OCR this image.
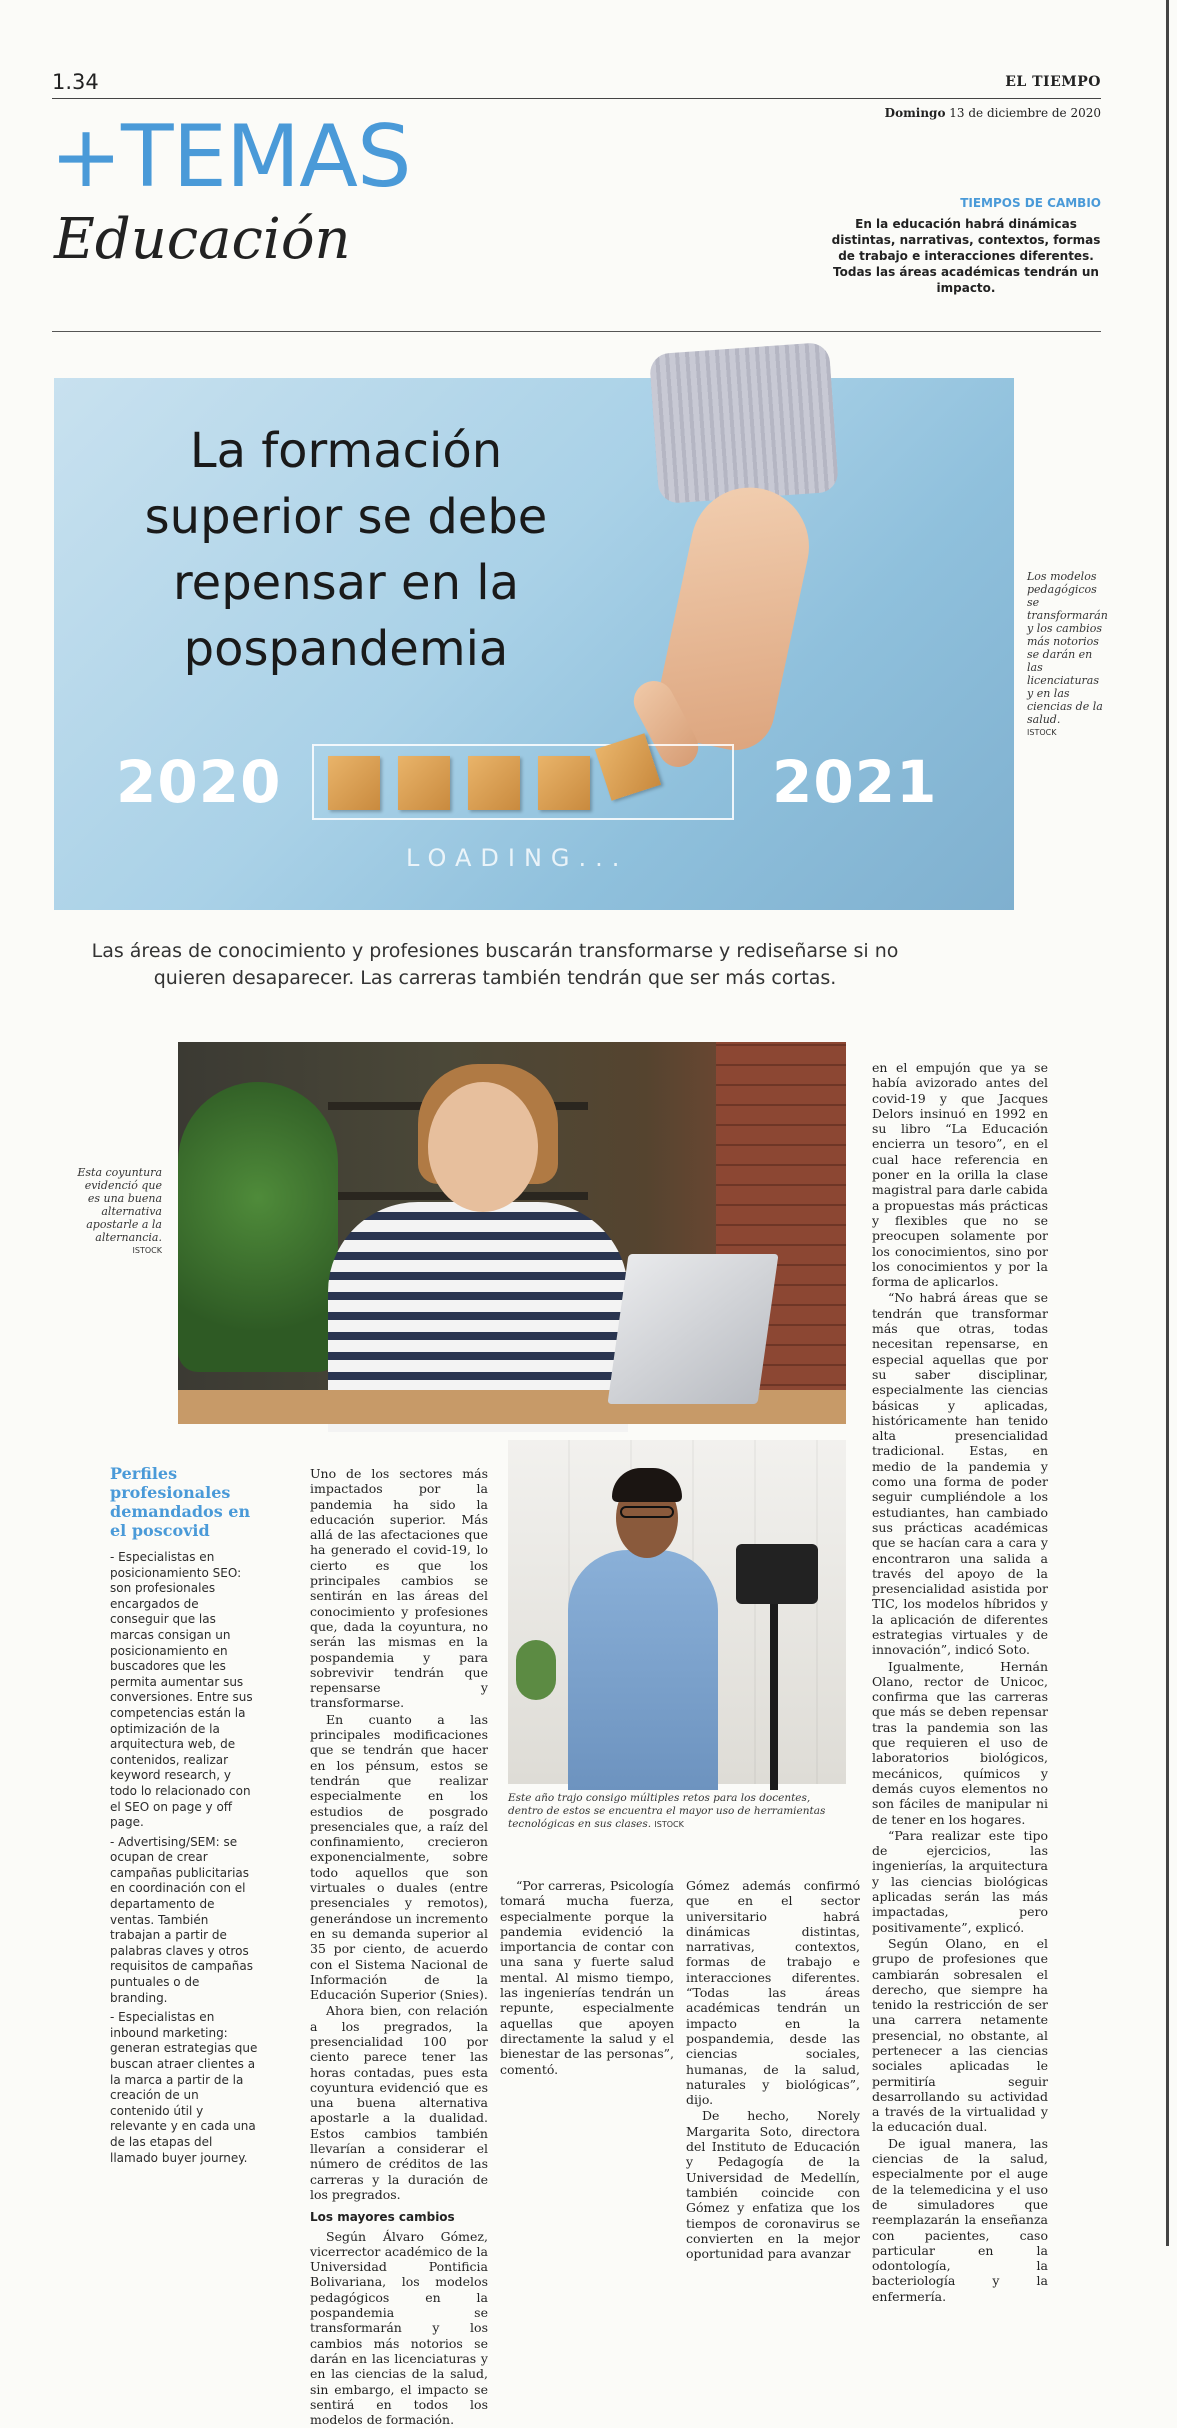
1.34	EL TIEMPO
Domingo 13 de diciembre de 2020
+TEMAS
Educación
TIEMPOS DE CAMBIO
En la educación habrá dinámicas distintas, narrativas, contextos, formas de trabajo e interacciones diferentes. Todas las áreas académicas tendrán un impacto.
La formación superior se debe repensar en la pospandemia
2020	2021
LOADING...
Los modelos pedagógicos se transformarán y los cambios más notorios se darán en las licenciaturas y en las ciencias de la salud.
ISTOCK
Las áreas de conocimiento y profesiones buscarán transformarse y rediseñarse si no quieren desaparecer. Las carreras también tendrán que ser más cortas.
Esta coyuntura evidenció que es una buena alternativa apostarle a la alternancia.
ISTOCK
Este año trajo consigo múltiples retos para los docentes, dentro de estos se encuentra el mayor uso de herramientas tecnológicas en sus clases. ISTOCK
Perfiles profesionales demandados en el poscovid

- Especialistas en posicionamiento SEO: son profesionales encargados de conseguir que las marcas consigan un posicionamiento en buscadores que les permita aumentar sus conversiones. Entre sus competencias están la optimización de la arquitectura web, de contenidos, realizar keyword research, y todo lo relacionado con el SEO on page y off page.

- Advertising/SEM: se ocupan de crear campañas publicitarias en coordinación con el departamento de ventas. También trabajan a partir de palabras claves y otros requisitos de campañas puntuales o de branding.

- Especialistas en inbound marketing: generan estrategias que buscan atraer clientes a la marca a partir de la creación de un contenido útil y relevante y en cada una de las etapas del llamado buyer journey.

Uno de los sectores más impactados por la pandemia ha sido la educación superior. Más allá de las afectaciones que ha generado el covid-19, lo cierto es que los principales cambios se sentirán en las áreas del conocimiento y profesiones que, dada la coyuntura, no serán las mismas en la pospandemia y para sobrevivir tendrán que repensarse y transformarse.

En cuanto a las principales modificaciones que se tendrán que hacer en los pénsum, estos se tendrán que realizar especialmente en los estudios de posgrado presenciales que, a raíz del confinamiento, crecieron exponencialmente, sobre todo aquellos que son virtuales o duales (entre presenciales y remotos), generándose un incremento en su demanda superior al 35 por ciento, de acuerdo con el Sistema Nacional de Información de la Educación Superior (Snies).

Ahora bien, con relación a los pregrados, la presencialidad 100 por ciento parece tener las horas contadas, pues esta coyuntura evidenció que es una buena alternativa apostarle a la dualidad. Estos cambios también llevarían a considerar el número de créditos de las carreras y la duración de los pregrados.

Los mayores cambios

Según Álvaro Gómez, vicerrector académico de la Universidad Pontificia Bolivariana, los modelos pedagógicos en la pospandemia se transformarán y los cambios más notorios se darán en las licenciaturas y en las ciencias de la salud, sin embargo, el impacto se sentirá en todos los modelos de formación.

“Por carreras, Psicología tomará mucha fuerza, especialmente porque la pandemia evidenció la importancia de contar con una sana y fuerte salud mental. Al mismo tiempo, las ingenierías tendrán un repunte, especialmente aquellas que apoyen directamente la salud y el bienestar de las personas”, comentó.

Gómez además confirmó que en el sector universitario habrá dinámicas distintas, narrativas, contextos, formas de trabajo e interacciones diferentes. “Todas las áreas académicas tendrán un impacto en la pospandemia, desde las ciencias sociales, humanas, de la salud, naturales y biológicas”, dijo.

De hecho, Norely Margarita Soto, directora del Instituto de Educación y Pedagogía de la Universidad de Medellín, también coincide con Gómez y enfatiza que los tiempos de coronavirus se convierten en la mejor oportunidad para avanzar

en el empujón que ya se había avizorado antes del covid-19 y que Jacques Delors insinuó en 1992 en su libro “La Educación encierra un tesoro”, en el cual hace referencia en poner en la orilla la clase magistral para darle cabida a propuestas más prácticas y flexibles que no se preocupen solamente por los conocimientos, sino por los conocimientos y por la forma de aplicarlos.

“No habrá áreas que se tendrán que transformar más que otras, todas necesitan repensarse, en especial aquellas que por su saber disciplinar, especialmente las ciencias básicas y aplicadas, históricamente han tenido alta presencialidad tradicional. Estas, en medio de la pandemia y como una forma de poder seguir cumpliéndole a los estudiantes, han cambiado sus prácticas académicas que se hacían cara a cara y encontraron una salida a través del apoyo de la presencialidad asistida por TIC, los modelos híbridos y la aplicación de diferentes estrategias virtuales y de innovación”, indicó Soto.

Igualmente, Hernán Olano, rector de Unicoc, confirma que las carreras que más se deben repensar tras la pandemia son las que requieren el uso de laboratorios biológicos, mecánicos, químicos y demás cuyos elementos no son fáciles de manipular ni de tener en los hogares.

“Para realizar este tipo de ejercicios, las ingenierías, la arquitectura y las ciencias biológicas aplicadas serán las más impactadas, pero positivamente”, explicó.

Según Olano, en el grupo de profesiones que cambiarán sobresalen el derecho, que siempre ha tenido la restricción de ser una carrera netamente presencial, no obstante, al pertenecer a las ciencias sociales aplicadas le permitiría seguir desarrollando su actividad a través de la virtualidad y la educación dual.

De igual manera, las ciencias de la salud, especialmente por el auge de la telemedicina y el uso de simuladores que reemplazarán la enseñanza con pacientes, caso particular en la odontología, la bacteriología y la enfermería.
